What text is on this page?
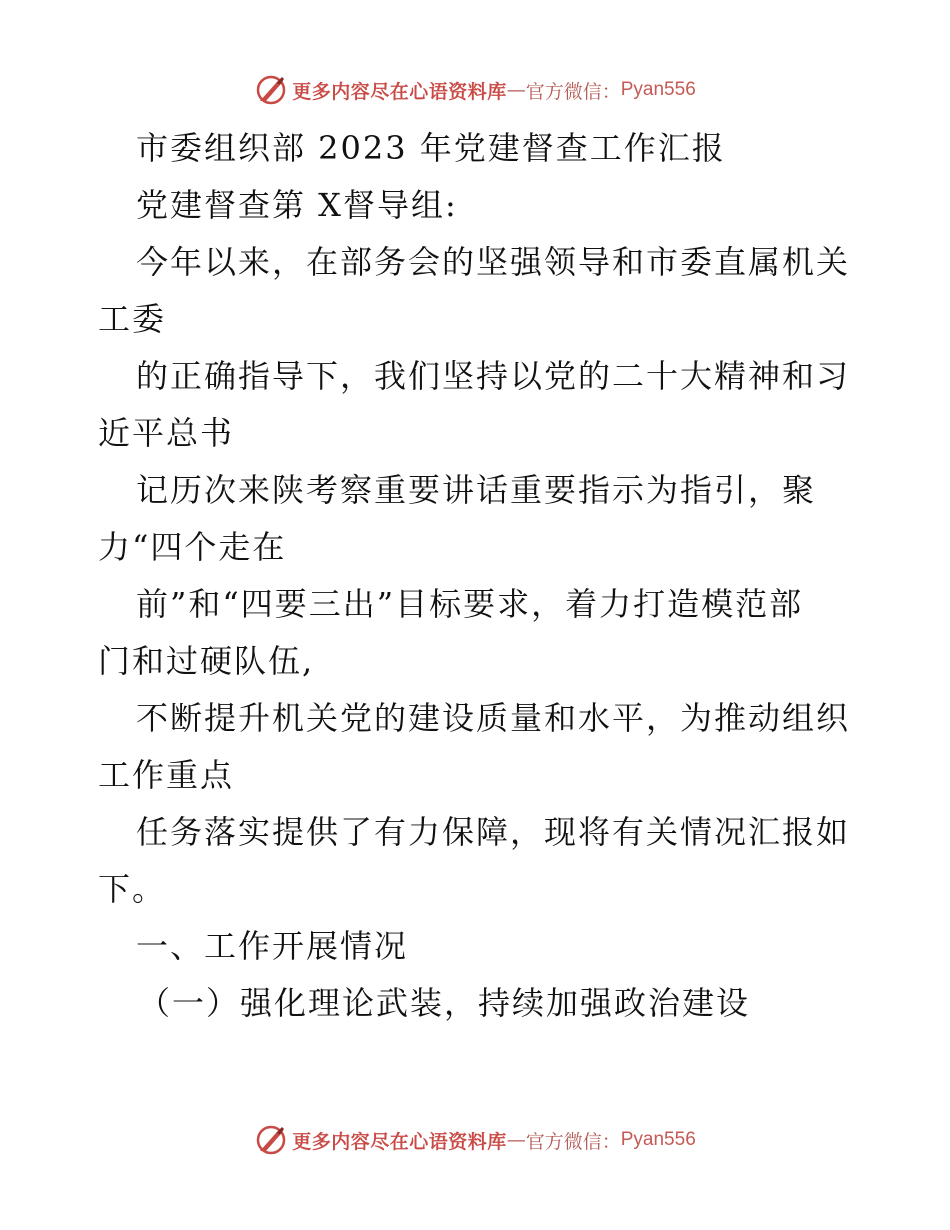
更多内容尽在心语资料库 — 官方微信： Pyan556
市委组织部 2023 年党建督查工作汇报
党建督查第 X督导组:
今年以来，在部务会的坚强领导和市委直属机关
工委
的正确指导下，我们坚持以党的二十大精神和习
近平总书
记历次来陕考察重要讲话重要指示为指引，聚
力“四个走在
前”和“四要三出”目标要求，着力打造模范部
门和过硬队伍,
不断提升机关党的建设质量和水平，为推动组织
工作重点
任务落实提供了有力保障，现将有关情况汇报如
下。
一、工作开展情况
（一）强化理论武装，持续加强政治建设
更多内容尽在心语资料库 — 官方微信： Pyan556
